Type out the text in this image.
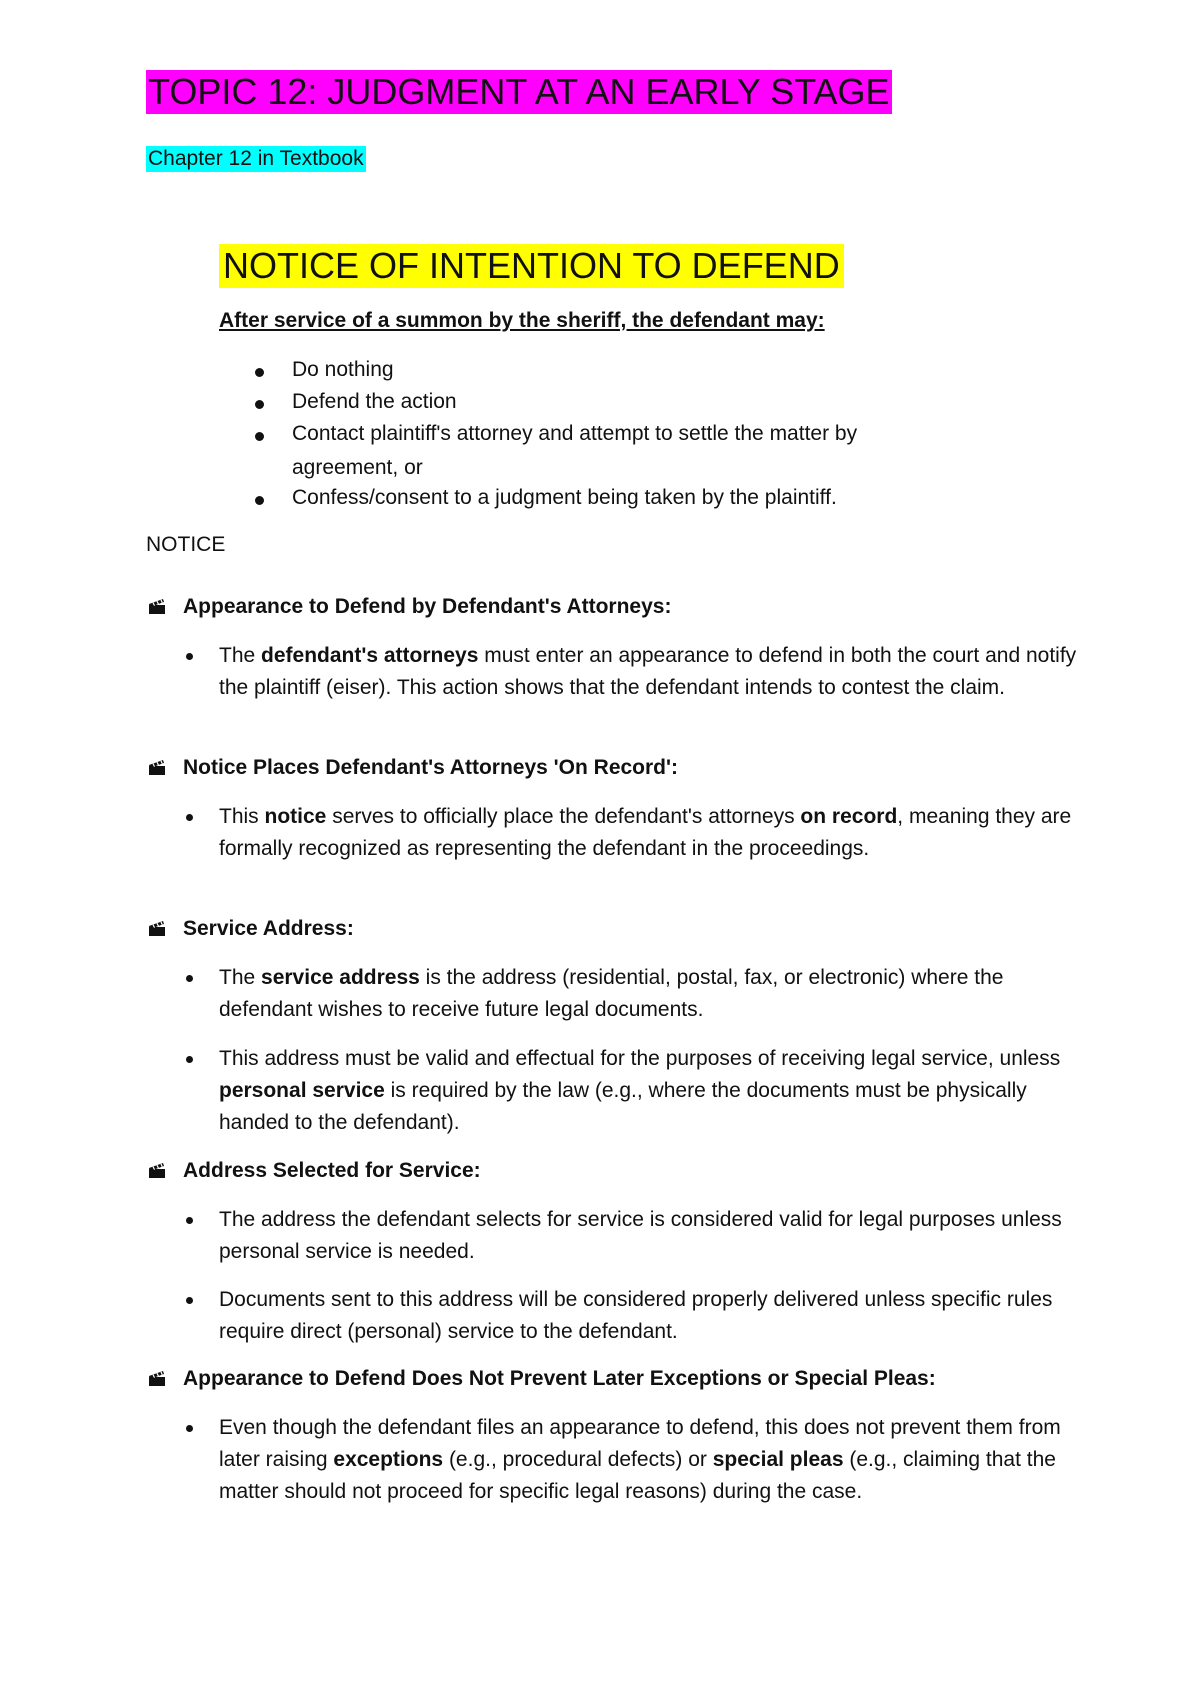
TOPIC 12: JUDGMENT AT AN EARLY STAGE
Chapter 12 in Textbook
NOTICE OF INTENTION TO DEFEND
After service of a summon by the sheriff, the defendant may:
Do nothing
Defend the action
Contact plaintiff's attorney and attempt to settle the matter by
agreement, or
Confess/consent to a judgment being taken by the plaintiff.
NOTICE
Appearance to Defend by Defendant's Attorneys:
The defendant's attorneys must enter an appearance to defend in both the court and notify the plaintiff (eiser). This action shows that the defendant intends to contest the claim.
Notice Places Defendant's Attorneys 'On Record':
This notice serves to officially place the defendant's attorneys on record, meaning they are formally recognized as representing the defendant in the proceedings.
Service Address:
The service address is the address (residential, postal, fax, or electronic) where the defendant wishes to receive future legal documents.
This address must be valid and effectual for the purposes of receiving legal service, unless personal service is required by the law (e.g., where the documents must be physically handed to the defendant).
Address Selected for Service:
The address the defendant selects for service is considered valid for legal purposes unless personal service is needed.
Documents sent to this address will be considered properly delivered unless specific rules require direct (personal) service to the defendant.
Appearance to Defend Does Not Prevent Later Exceptions or Special Pleas:
Even though the defendant files an appearance to defend, this does not prevent them from later raising exceptions (e.g., procedural defects) or special pleas (e.g., claiming that the matter should not proceed for specific legal reasons) during the case.
